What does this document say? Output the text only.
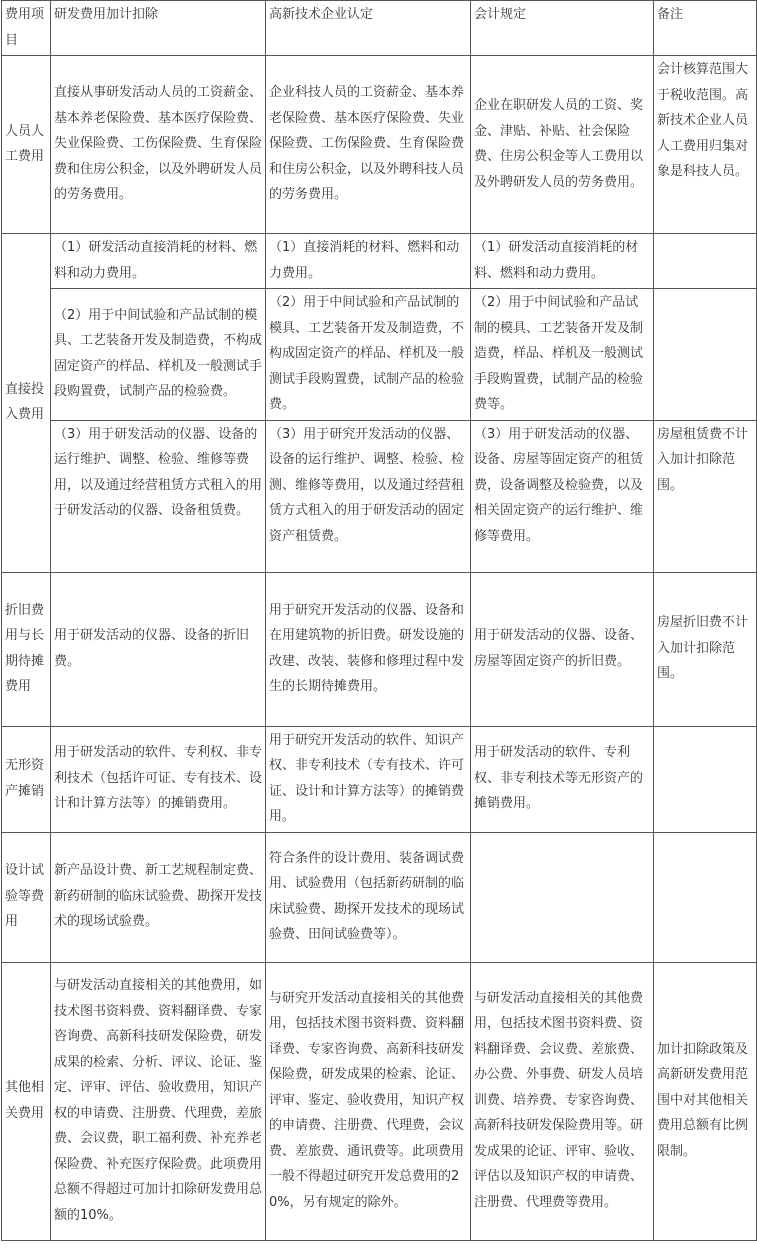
费用项目	研发费用加计扣除	高新技术企业认定	会计规定	备注
人员人工费用	直接从事研发活动人员的工资薪金、基本养老保险费、基本医疗保险费、失业保险费、工伤保险费、生育保险费和住房公积金，以及外聘研发人员的劳务费用。	企业科技人员的工资薪金、基本养老保险费、基本医疗保险费、失业保险费、工伤保险费、生育保险费和住房公积金，以及外聘科技人员的劳务费用。	企业在职研发人员的工资、奖金、津贴、补贴、社会保险费、住房公积金等人工费用以及外聘研发人员的劳务费用。	会计核算范围大于税收范围。高新技术企业人员人工费用归集对象是科技人员。
直接投入费用	（1）研发活动直接消耗的材料、燃料和动力费用。	（1）直接消耗的材料、燃料和动力费用。	（1）研发活动直接消耗的材料、燃料和动力费用。	
	（2）用于中间试验和产品试制的模具、工艺装备开发及制造费，不构成固定资产的样品、样机及一般测试手段购置费，试制产品的检验费。	（2）用于中间试验和产品试制的模具、工艺装备开发及制造费，不构成固定资产的样品、样机及一般测试手段购置费，试制产品的检验费。	（2）用于中间试验和产品试制的模具、工艺装备开发及制造费，样品、样机及一般测试手段购置费，试制产品的检验费等。	
	（3）用于研发活动的仪器、设备的运行维护、调整、检验、维修等费用，以及通过经营租赁方式租入的用于研发活动的仪器、设备租赁费。	（3）用于研究开发活动的仪器、设备的运行维护、调整、检验、检测、维修等费用，以及通过经营租赁方式租入的用于研发活动的固定资产租赁费。	（3）用于研发活动的仪器、设备、房屋等固定资产的租赁费，设备调整及检验费，以及相关固定资产的运行维护、维修等费用。	房屋租赁费不计入加计扣除范围。
折旧费用与长期待摊费用	用于研发活动的仪器、设备的折旧费。	用于研究开发活动的仪器、设备和在用建筑物的折旧费。研发设施的改建、改装、装修和修理过程中发生的长期待摊费用。	用于研发活动的仪器、设备、房屋等固定资产的折旧费。	房屋折旧费不计入加计扣除范围。
无形资产摊销	用于研发活动的软件、专利权、非专利技术（包括许可证、专有技术、设计和计算方法等）的摊销费用。	用于研究开发活动的软件、知识产权、非专利技术（专有技术、许可证、设计和计算方法等）的摊销费用。	用于研发活动的软件、专利权、非专利技术等无形资产的摊销费用。	
设计试验等费用	新产品设计费、新工艺规程制定费、新药研制的临床试验费、勘探开发技术的现场试验费。	符合条件的设计费用、装备调试费用、试验费用（包括新药研制的临床试验费、勘探开发技术的现场试验费、田间试验费等）。		
其他相关费用	与研发活动直接相关的其他费用，如技术图书资料费、资料翻译费、专家咨询费、高新科技研发保险费，研发成果的检索、分析、评议、论证、鉴定、评审、评估、验收费用，知识产权的申请费、注册费、代理费，差旅费、会议费，职工福利费、补充养老保险费、补充医疗保险费。此项费用总额不得超过可加计扣除研发费用总额的10%。	与研究开发活动直接相关的其他费用，包括技术图书资料费、资料翻译费、专家咨询费、高新科技研发保险费，研发成果的检索、论证、评审、鉴定、验收费用，知识产权的申请费、注册费、代理费，会议费、差旅费、通讯费等。此项费用一般不得超过研究开发总费用的20%，另有规定的除外。	与研发活动直接相关的其他费用，包括技术图书资料费、资料翻译费、会议费、差旅费、办公费、外事费、研发人员培训费、培养费、专家咨询费、高新科技研发保险费用等。研发成果的论证、评审、验收、评估以及知识产权的申请费、注册费、代理费等费用。	加计扣除政策及高新研发费用范围中对其他相关费用总额有比例限制。
